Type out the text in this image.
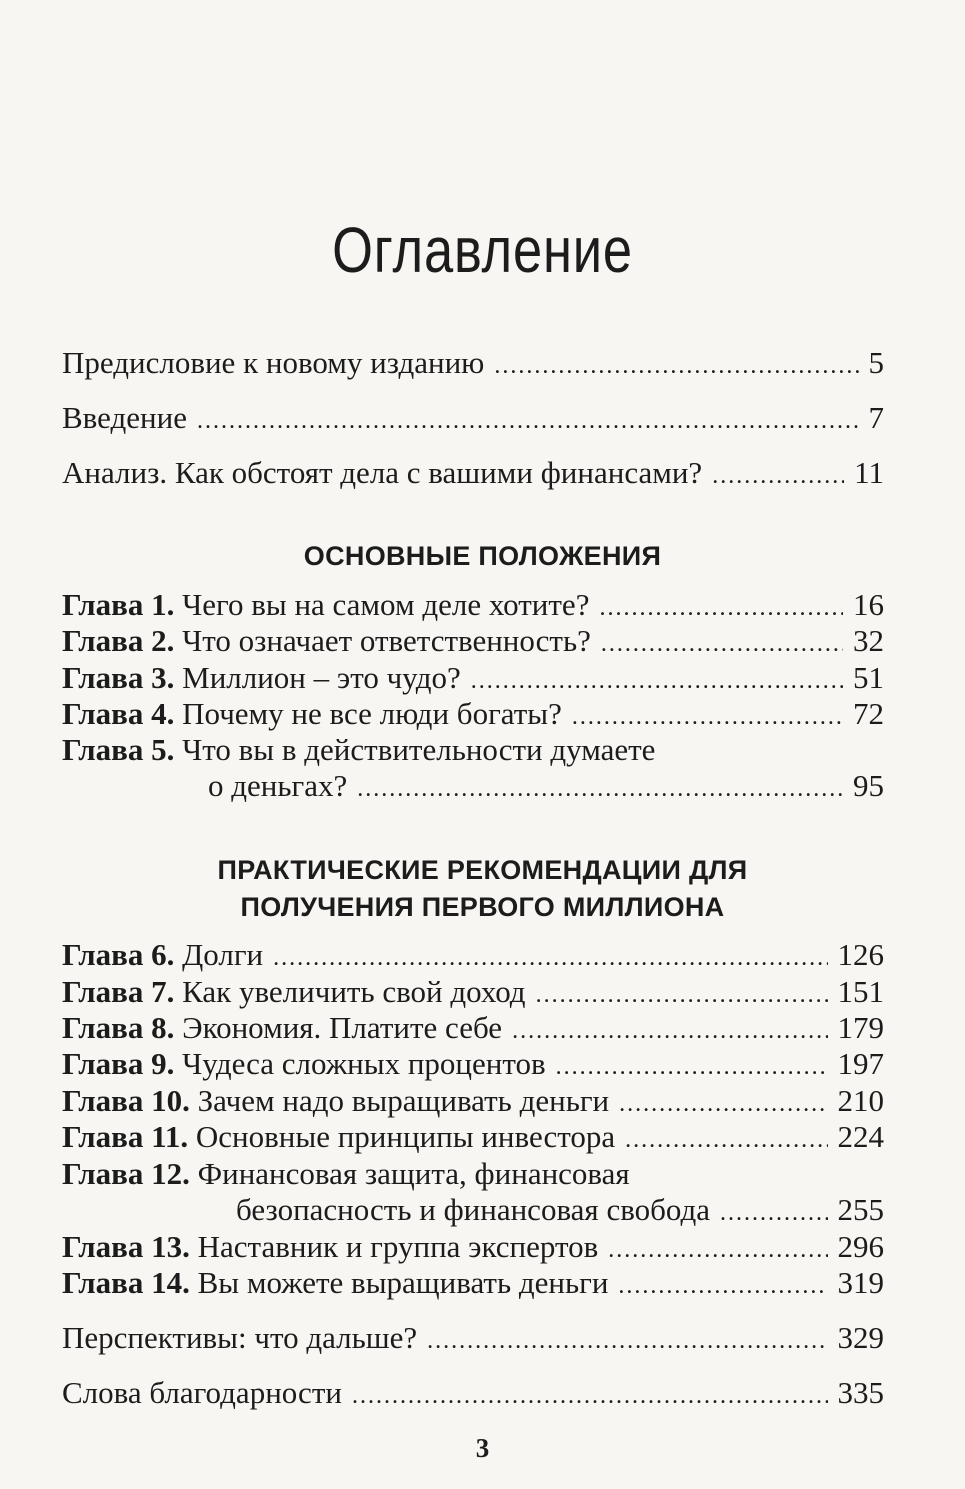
Оглавление
Предисловие к новому изданию .....	5
Введение .....	7
Анализ. Как обстоят дела с вашими финансами? .....	11
ОСНОВНЫЕ ПОЛОЖЕНИЯ
Глава 1. Чего вы на самом деле хотите? .....	16
Глава 2. Что означает ответственность? .....	32
Глава 3. Миллион – это чудо? .....	51
Глава 4. Почему не все люди богаты? .....	72
Глава 5. Что вы в действительности думаете
о деньгах? .....	95
ПРАКТИЧЕСКИЕ РЕКОМЕНДАЦИИ ДЛЯ
ПОЛУЧЕНИЯ ПЕРВОГО МИЛЛИОНА
Глава 6. Долги .....	126
Глава 7. Как увеличить свой доход .....	151
Глава 8. Экономия. Платите себе .....	179
Глава 9. Чудеса сложных процентов .....	197
Глава 10. Зачем надо выращивать деньги .....	210
Глава 11. Основные принципы инвестора .....	224
Глава 12. Финансовая защита, финансовая
безопасность и финансовая свобода .....	255
Глава 13. Наставник и группа экспертов .....	296
Глава 14. Вы можете выращивать деньги .....	319
Перспективы: что дальше? .....	329
Слова благодарности .....	335
3
